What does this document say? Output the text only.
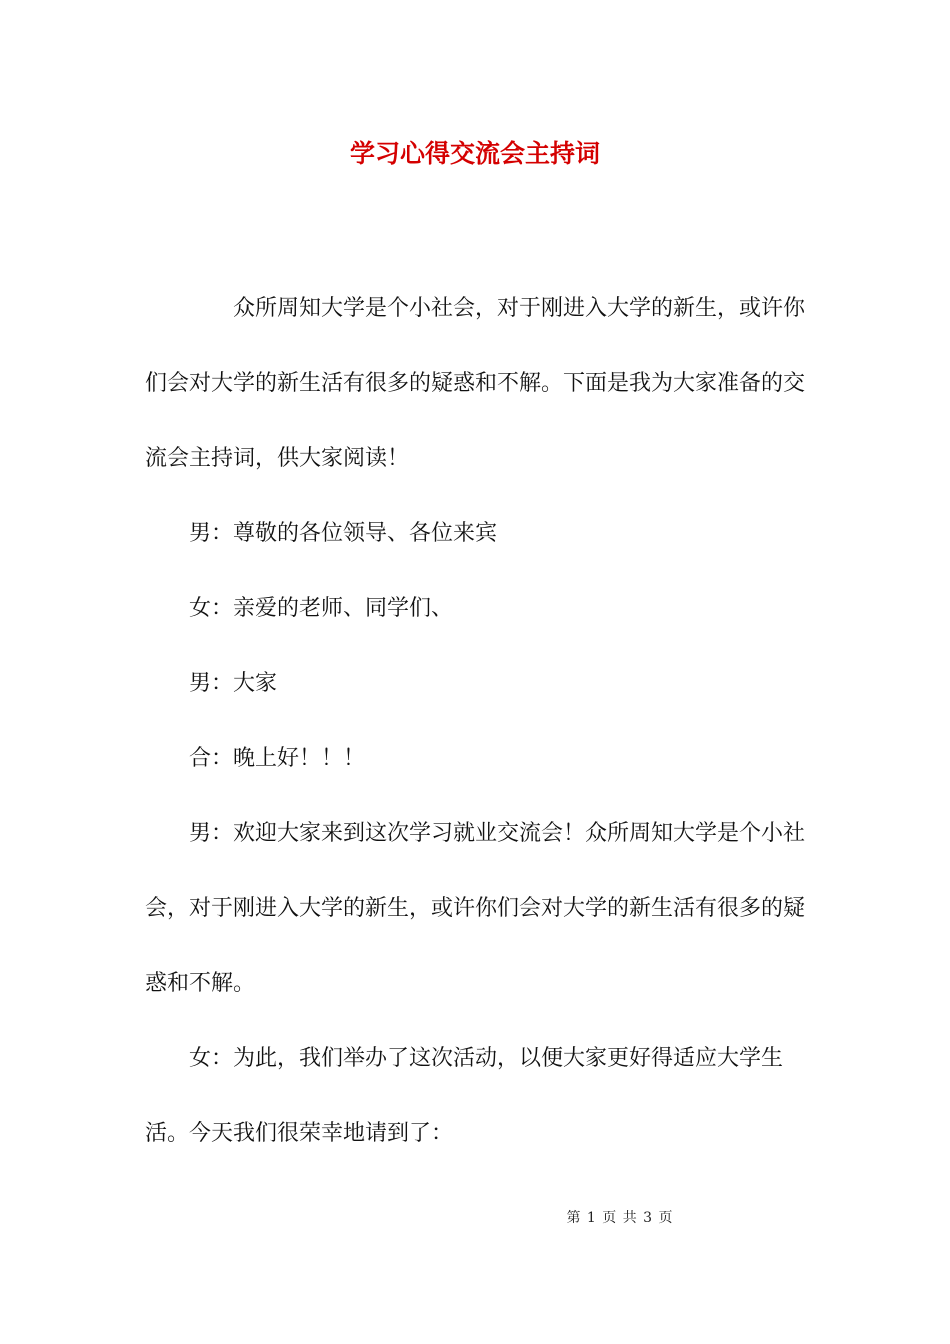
学习心得交流会主持词

众所周知大学是个小社会，对于刚进入大学的新生，或许你们会对大学的新生活有很多的疑惑和不解。下面是我为大家准备的交流会主持词，供大家阅读！

男：尊敬的各位领导、各位来宾

女：亲爱的老师、同学们、

男：大家

合：晚上好！！！

男：欢迎大家来到这次学习就业交流会！众所周知大学是个小社会，对于刚进入大学的新生，或许你们会对大学的新生活有很多的疑惑和不解。

女：为此，我们举办了这次活动，以便大家更好得适应大学生活。今天我们很荣幸地请到了：

第 1 页 共 3 页
